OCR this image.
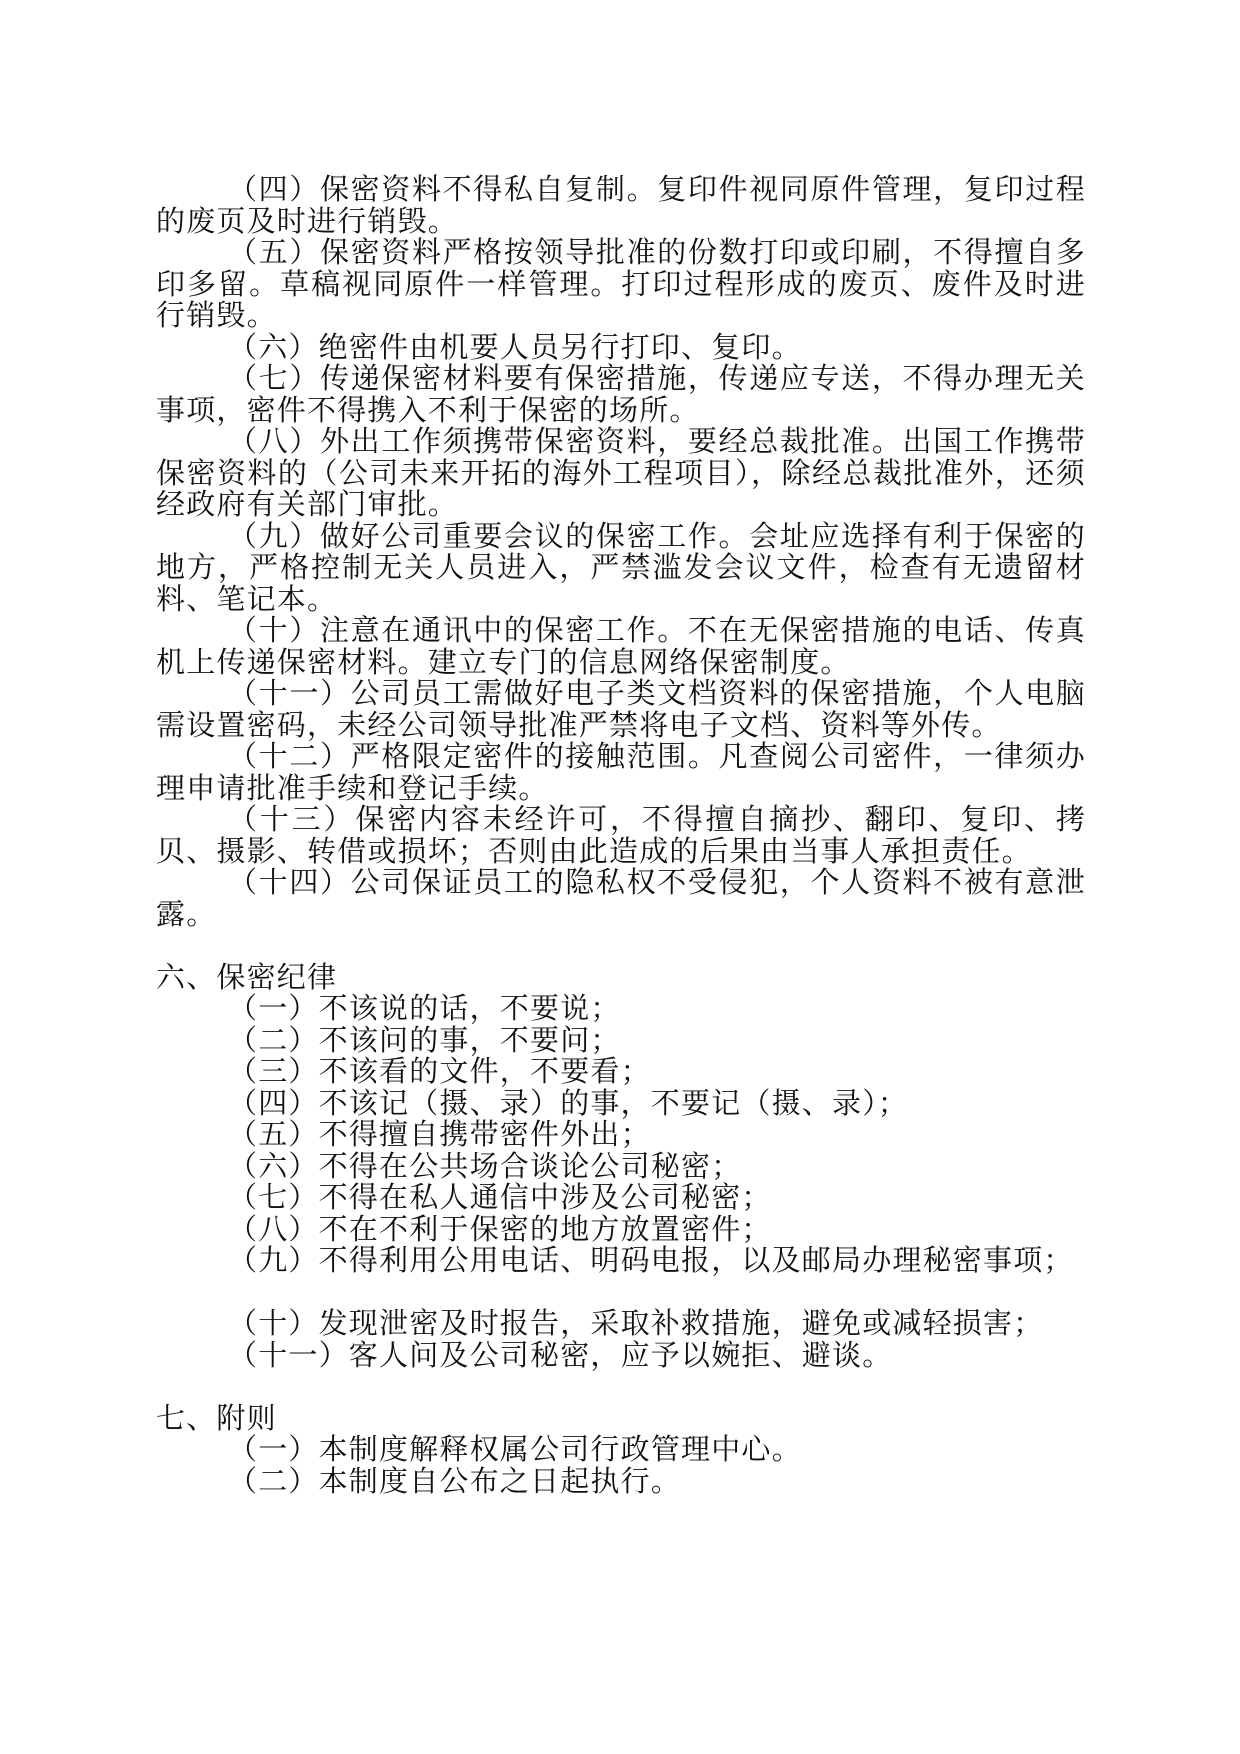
（四）保密资料不得私自复制。复印件视同原件管理，复印过程的废页及时进行销毁。

（五）保密资料严格按领导批准的份数打印或印刷，不得擅自多印多留。草稿视同原件一样管理。打印过程形成的废页、废件及时进行销毁。

（六）绝密件由机要人员另行打印、复印。

（七）传递保密材料要有保密措施，传递应专送，不得办理无关事项，密件不得携入不利于保密的场所。

（八）外出工作须携带保密资料，要经总裁批准。出国工作携带保密资料的（公司未来开拓的海外工程项目），除经总裁批准外，还须经政府有关部门审批。

（九）做好公司重要会议的保密工作。会址应选择有利于保密的地方，严格控制无关人员进入，严禁滥发会议文件，检查有无遗留材料、笔记本。

（十）注意在通讯中的保密工作。不在无保密措施的电话、传真机上传递保密材料。建立专门的信息网络保密制度。

（十一）公司员工需做好电子类文档资料的保密措施，个人电脑需设置密码，未经公司领导批准严禁将电子文档、资料等外传。

（十二）严格限定密件的接触范围。凡查阅公司密件，一律须办理申请批准手续和登记手续。

（十三）保密内容未经许可，不得擅自摘抄、翻印、复印、拷贝、摄影、转借或损坏；否则由此造成的后果由当事人承担责任。

（十四）公司保证员工的隐私权不受侵犯，个人资料不被有意泄露。

六、保密纪律

（一）不该说的话，不要说；

（二）不该问的事，不要问；

（三）不该看的文件，不要看；

（四）不该记（摄、录）的事，不要记（摄、录）；

（五）不得擅自携带密件外出；

（六）不得在公共场合谈论公司秘密；

（七）不得在私人通信中涉及公司秘密；

（八）不在不利于保密的地方放置密件；

（九）不得利用公用电话、明码电报，以及邮局办理秘密事项；

（十）发现泄密及时报告，采取补救措施，避免或减轻损害；

（十一）客人问及公司秘密，应予以婉拒、避谈。

七、附则

（一）本制度解释权属公司行政管理中心。

（二）本制度自公布之日起执行。
